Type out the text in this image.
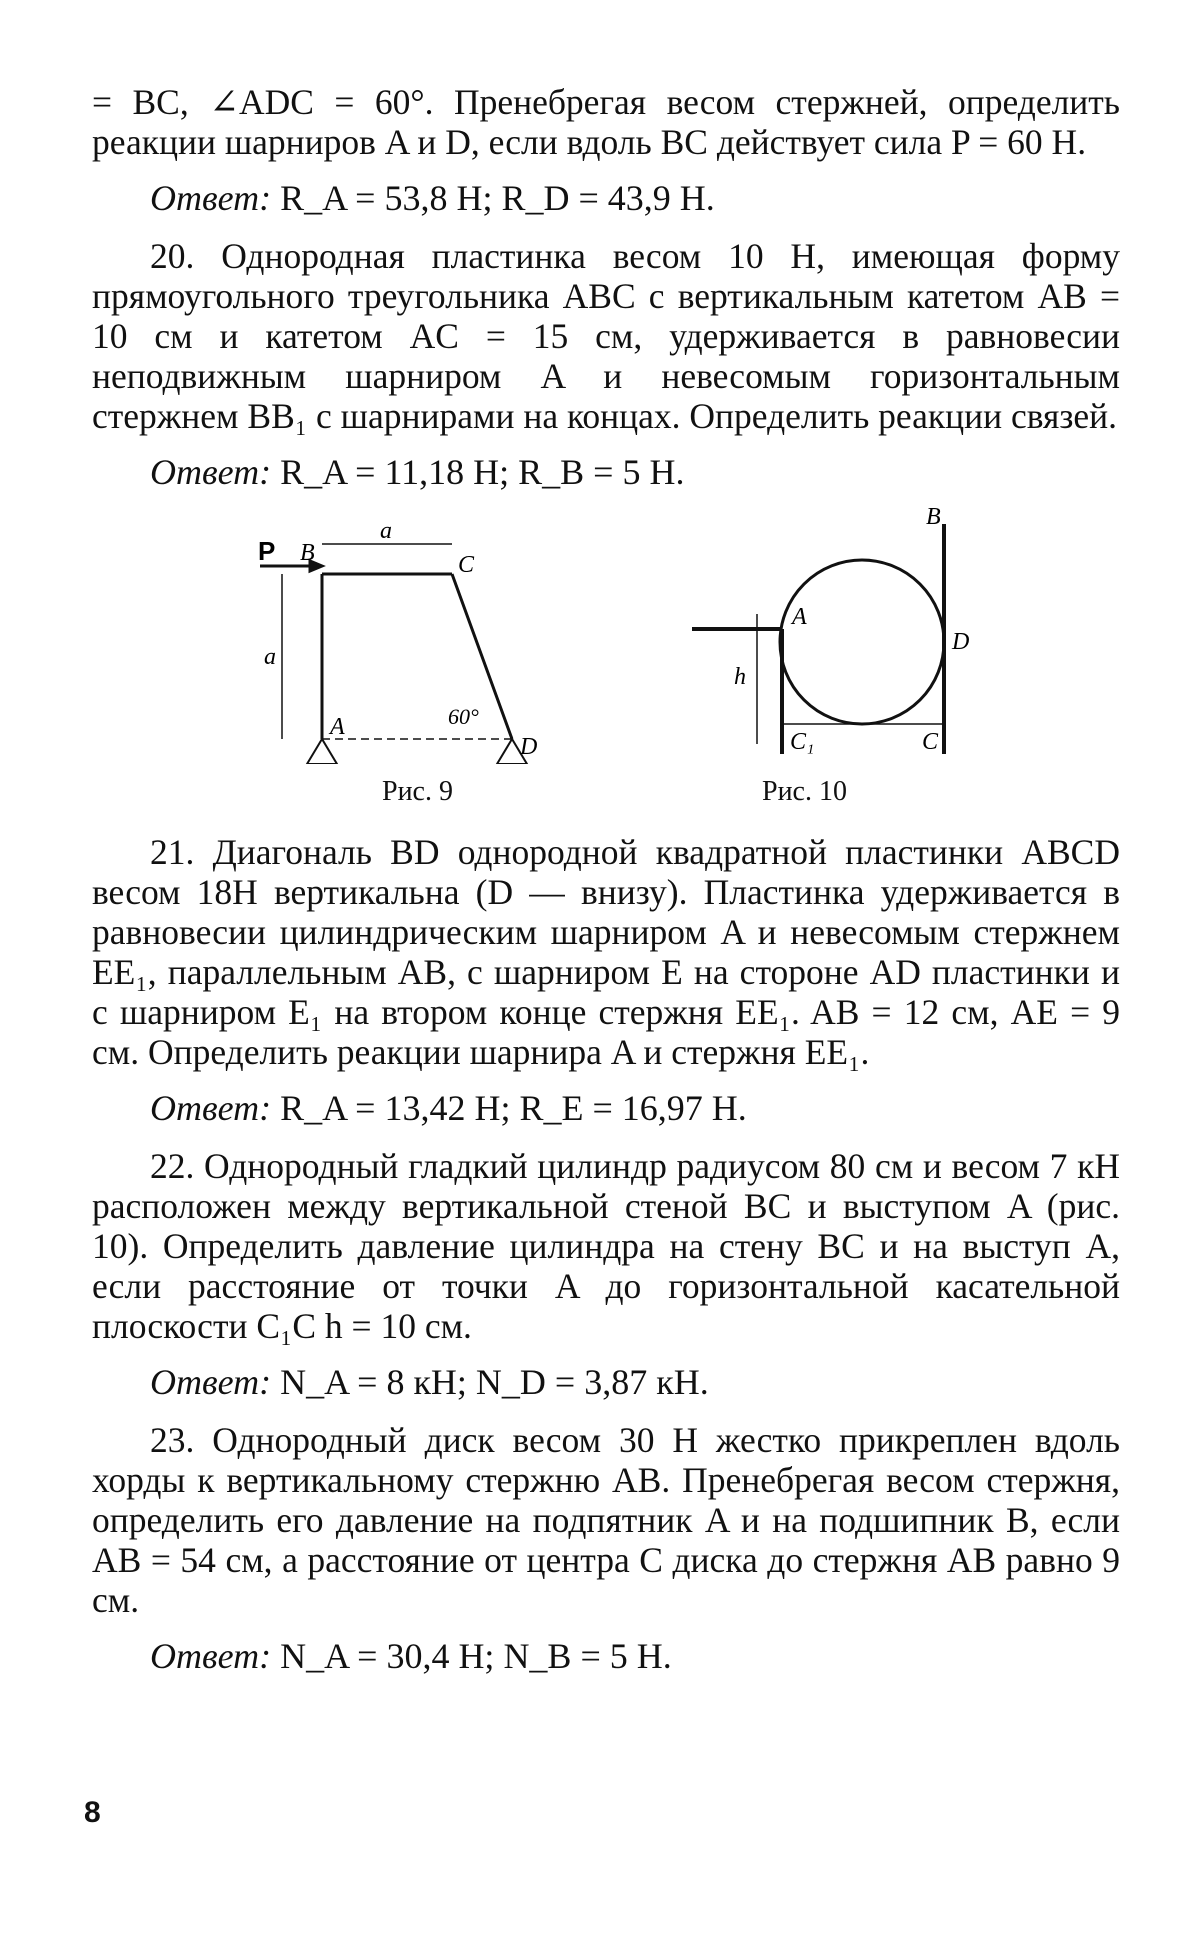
= BC, ∠ADC = 60°. Пренебрегая весом стержней, определить реакции шарниров A и D, если вдоль BC действует сила P = 60 Н.

Ответ: R_A = 53,8 Н; R_D = 43,9 Н.

20. Однородная пластинка весом 10 Н, имеющая форму прямоугольного треугольника ABC с вертикальным катетом AB = 10 см и катетом AC = 15 см, удерживается в равновесии неподвижным шарниром A и невесомым горизонтальным стержнем BB₁ с шарнирами на концах. Определить реакции связей.

Ответ: R_A = 11,18 Н; R_B = 5 Н.

P B	C
A
D
a
a
60°
Рис. 9
B
D
A
C₁	C
h
Рис. 10

21. Диагональ BD однородной квадратной пластинки ABCD весом 18Н вертикальна (D — внизу). Пластинка удерживается в равновесии цилиндрическим шарниром A и невесомым стержнем EE₁, параллельным AB, с шарниром E на стороне AD пластинки и с шарниром E₁ на втором конце стержня EE₁. AB = 12 см, AE = 9 см. Определить реакции шарнира A и стержня EE₁.

Ответ: R_A = 13,42 Н; R_E = 16,97 Н.

22. Однородный гладкий цилиндр радиусом 80 см и весом 7 кН расположен между вертикальной стеной BC и выступом A (рис. 10). Определить давление цилиндра на стену BC и на выступ A, если расстояние от точки A до горизонтальной касательной плоскости C₁C h = 10 см.

Ответ: N_A = 8 кН; N_D = 3,87 кН.

23. Однородный диск весом 30 Н жестко прикреплен вдоль хорды к вертикальному стержню AB. Пренебрегая весом стержня, определить его давление на подпятник A и на подшипник B, если AB = 54 см, а расстояние от центра C диска до стержня AB равно 9 см.

Ответ: N_A = 30,4 Н; N_B = 5 Н.

8
